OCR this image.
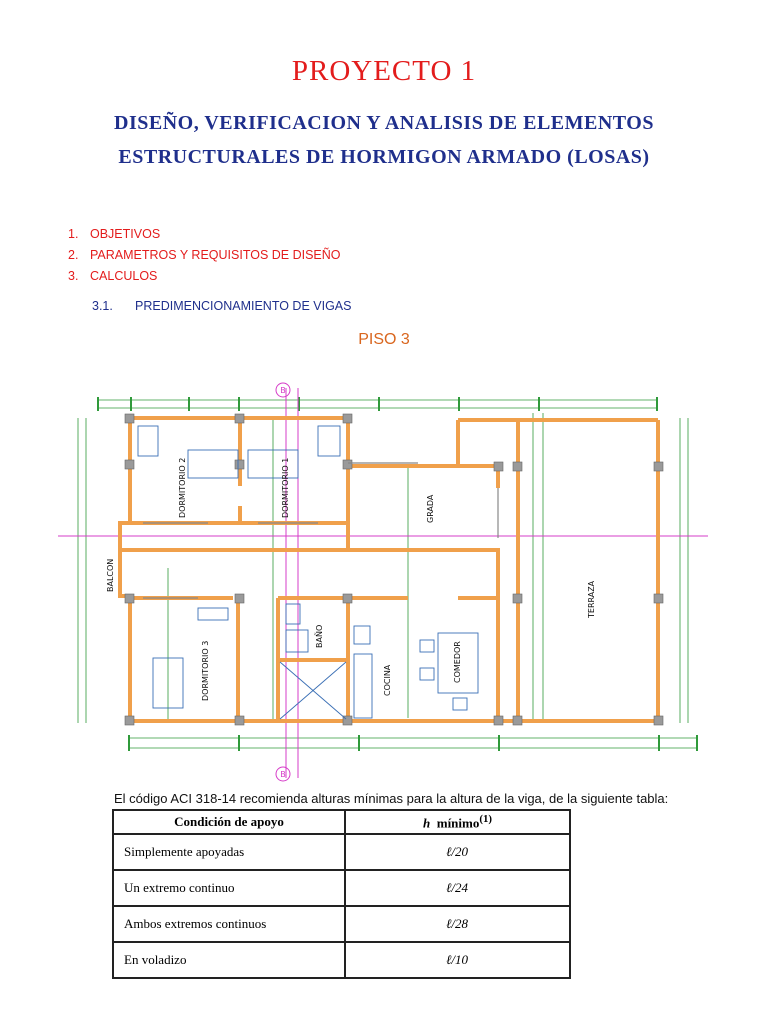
PROYECTO 1
DISEÑO, VERIFICACION Y ANALISIS DE ELEMENTOS
ESTRUCTURALES DE HORMIGON ARMADO (LOSAS)
1. OBJETIVOS
2. PARAMETROS Y REQUISITOS DE DISEÑO
3. CALCULOS
3.1. PREDIMENCIONAMIENTO DE VIGAS
PISO 3
B
B
DORMITORIO 2	DORMITORIO 1	GRADA
BALCON
TERRAZA
DORMITORIO 3
BAÑO
COCINA	COMEDOR
El código ACI 318-14 recomienda alturas mínimas para la altura de la viga, de la siguiente tabla:
Condición de apoyo	h mínimo$^{(1)}$
Simplemente apoyadas	ℓ/20
Un extremo continuo	ℓ/24
Ambos extremos continuos	ℓ/28
En voladizo	ℓ/10
